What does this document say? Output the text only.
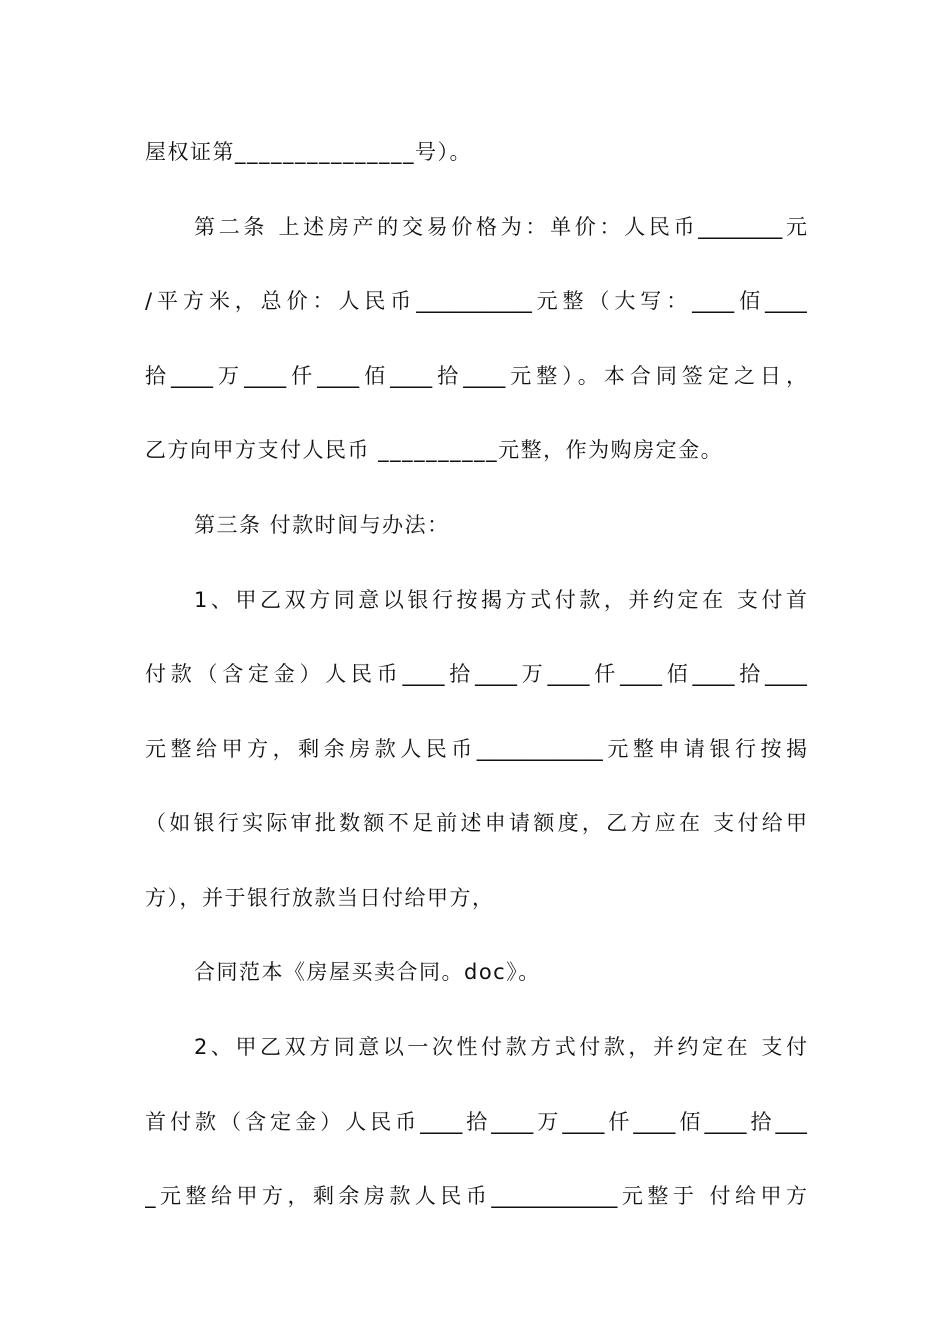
屋权证第_______________号）。
第二条 上述房产的交易价格为：单价：人民币________元
/平方米，总价：人民币___________元整（大写：____佰____
拾____万____仟____佰____拾____元整）。本合同签定之日，
乙方向甲方支付人民币 __________元整，作为购房定金。
第三条 付款时间与办法：
1、甲乙双方同意以银行按揭方式付款，并约定在 支付首
付款（含定金）人民币____拾____万____仟____佰____拾____
元整给甲方，剩余房款人民币____________元整申请银行按揭
（如银行实际审批数额不足前述申请额度，乙方应在 支付给甲
方），并于银行放款当日付给甲方，
合同范本《房屋买卖合同。doc》。
2、甲乙双方同意以一次性付款方式付款，并约定在 支付
首付款（含定金）人民币____拾____万____仟____佰____拾___
_元整给甲方，剩余房款人民币____________元整于 付给甲方
